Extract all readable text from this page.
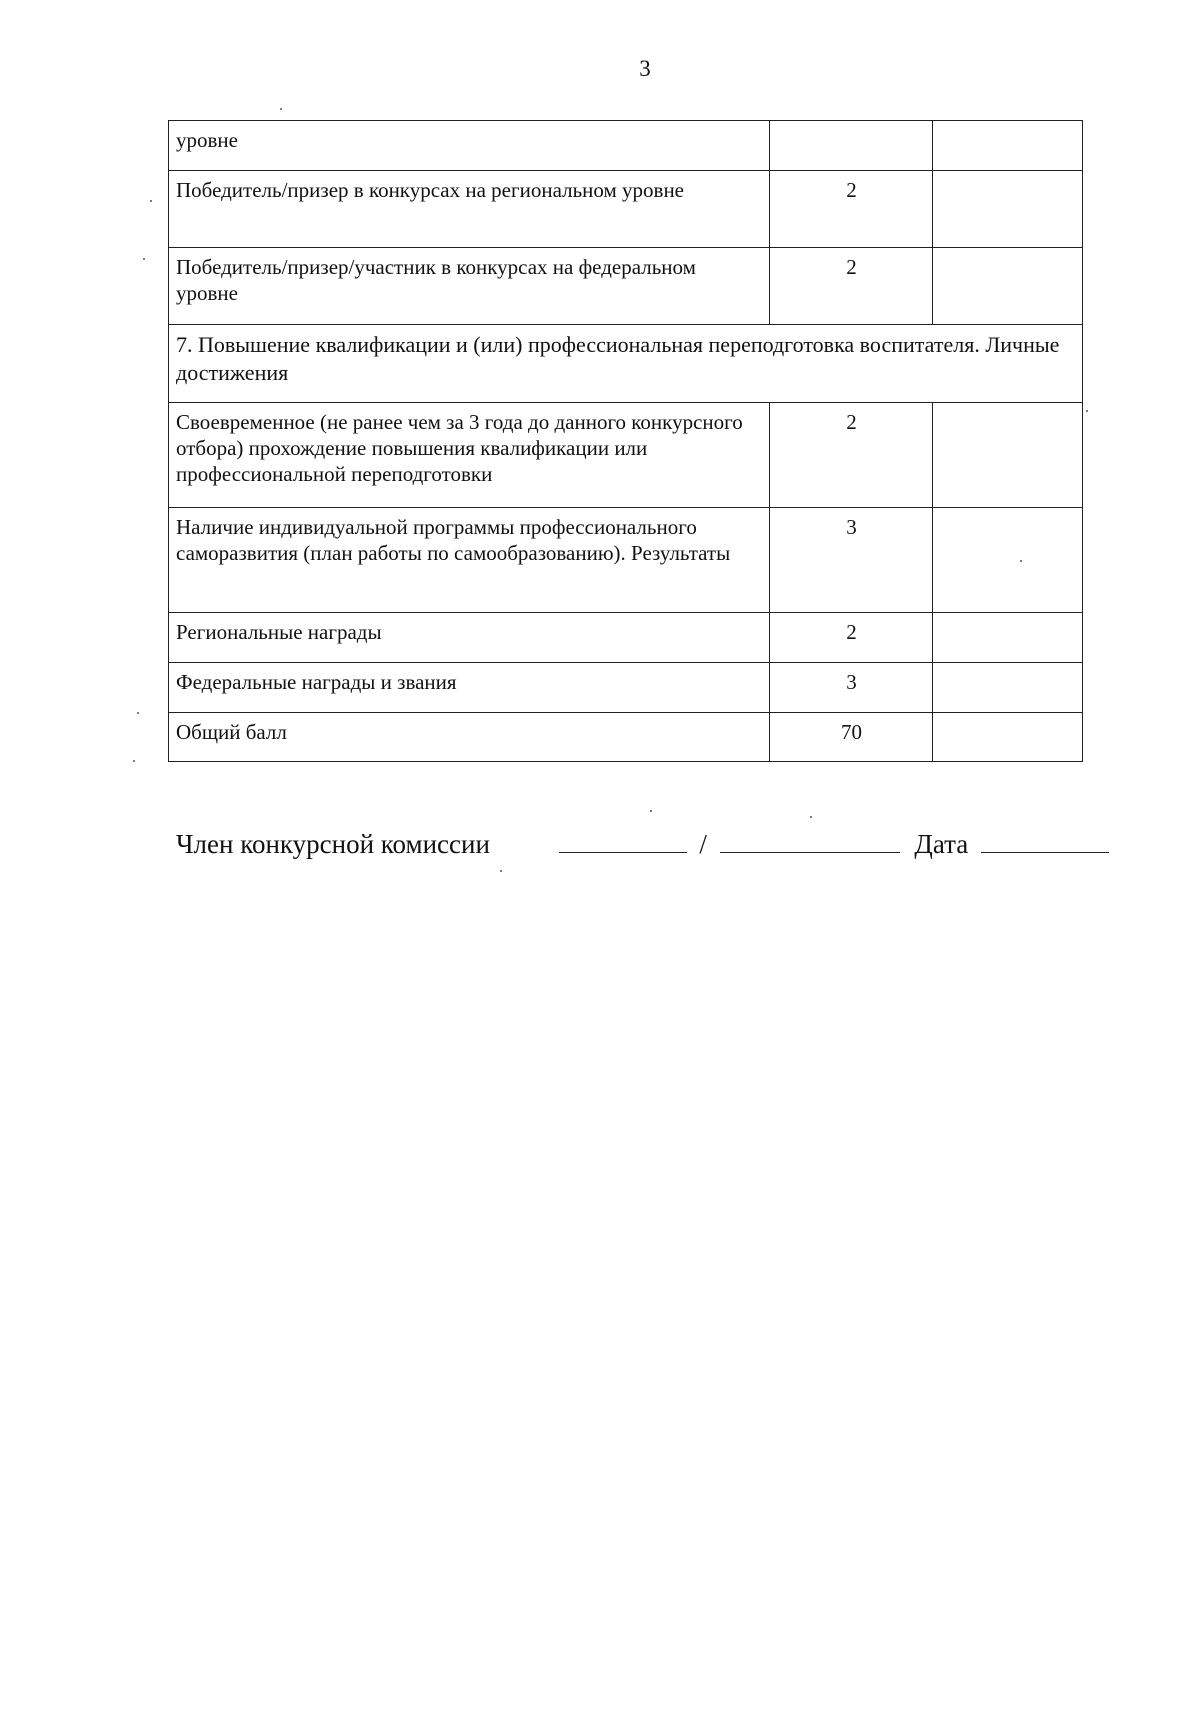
3
уровне		
Победитель/призер в конкурсах на региональном уровне	2	
Победитель/призер/участник в конкурсах на федеральном уровне	2	
7. Повышение квалификации и (или) профессиональная переподготовка воспитателя. Личные достижения		
Своевременное (не ранее чем за 3 года до данного конкурсного отбора) прохождение повышения квалификации или профессиональной переподготовки	2	
Наличие индивидуальной программы профессионального саморазвития (план работы по самообразованию). Результаты	3	
Региональные награды	2	
Федеральные награды и звания	3	
Общий балл	70	
Член конкурсной комиссии	/	Дата
